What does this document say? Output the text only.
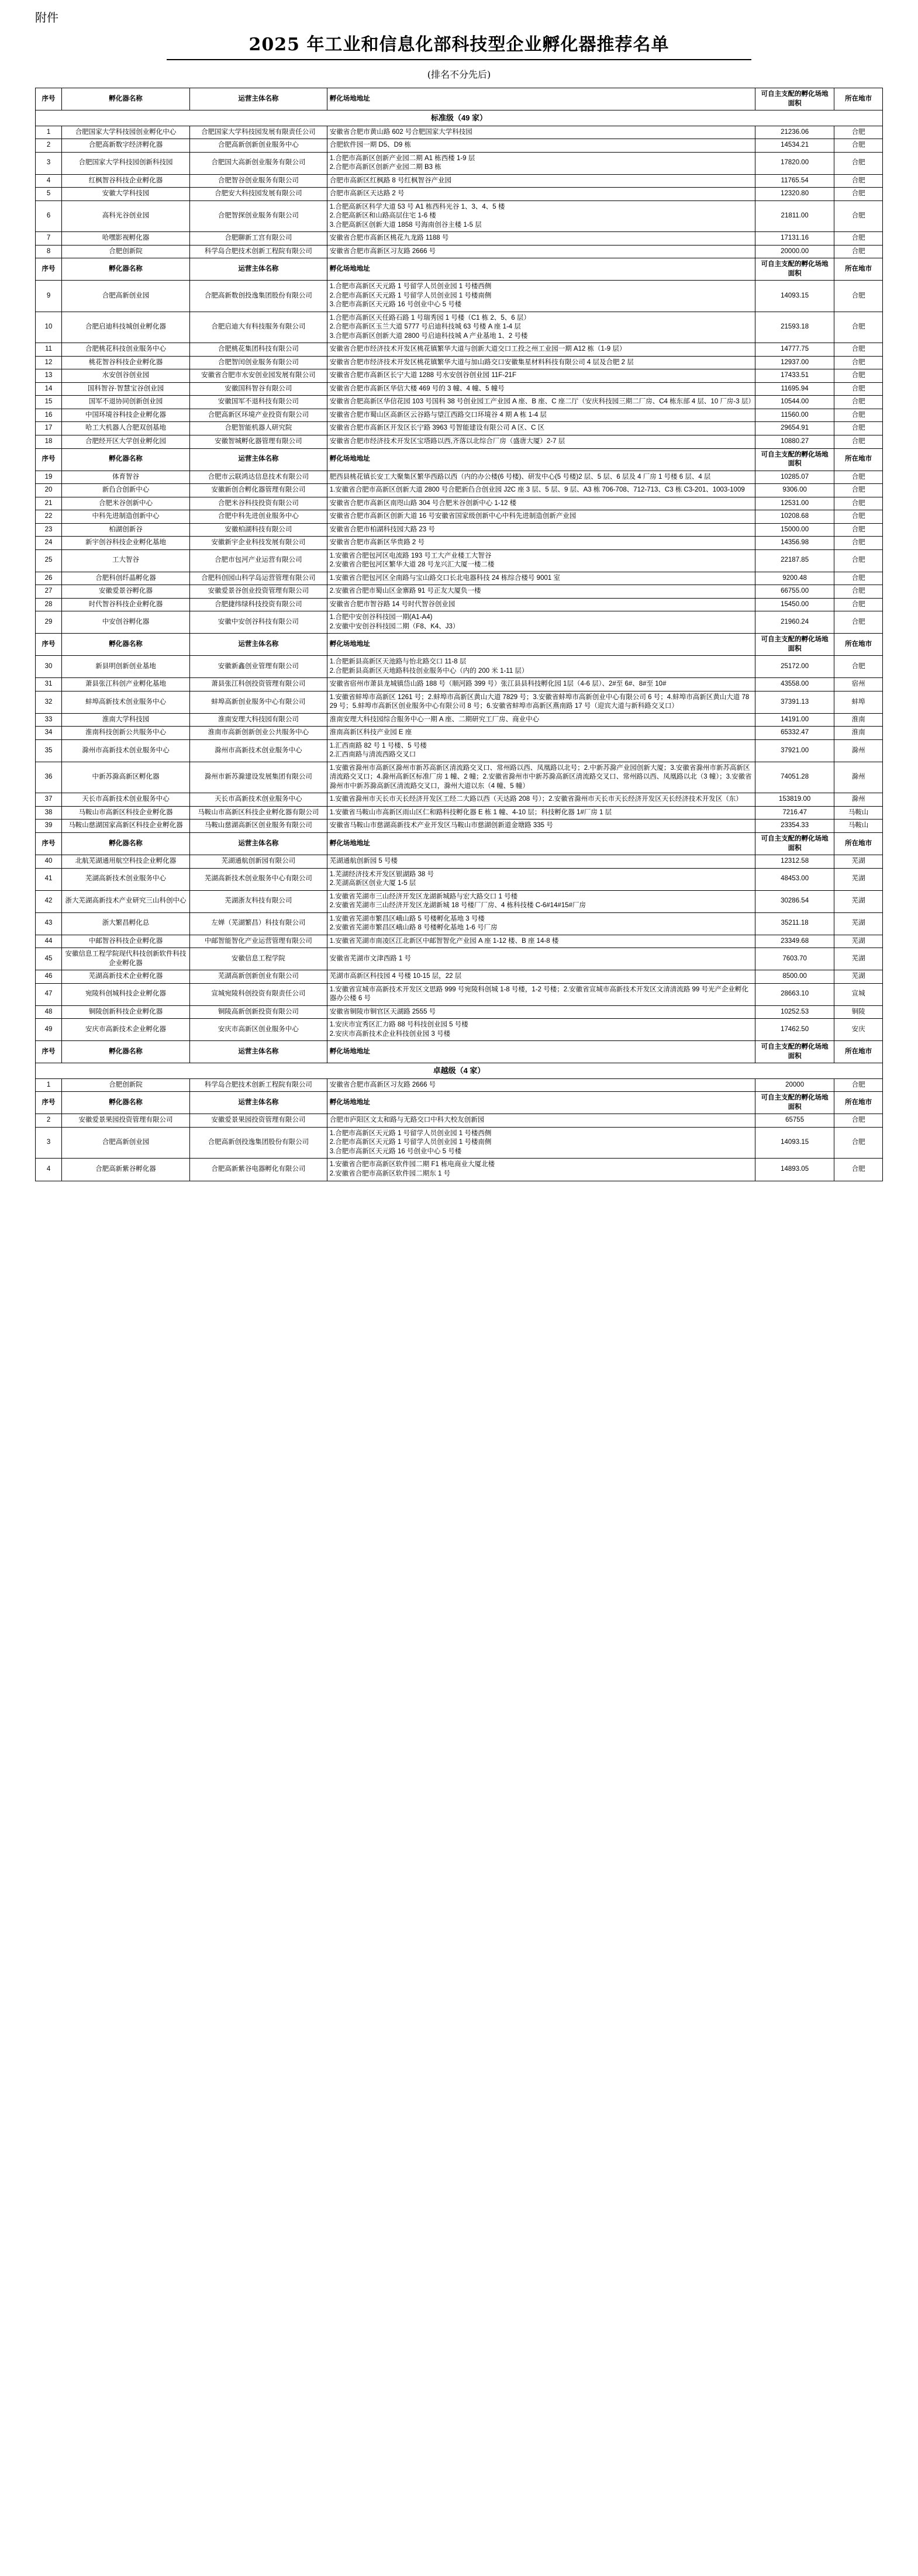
附件
2025 年工业和信息化部科技型企业孵化器推荐名单
(排名不分先后)
序号	孵化器名称	运营主体名称	孵化场地地址	可自主支配的孵化场地面积	所在地市
标准级（49 家）					
1	合肥国家大学科技园创业孵化中心	合肥国家大学科技园发展有限责任公司	安徽省合肥市黄山路 602 号合肥国家大学科技园	21236.06	合肥
2	合肥高新数字经济孵化器	合肥高新创新创业服务中心	合肥软件园一期 D5、D9 栋	14534.21	合肥
3	合肥国家大学科技园创新科技园	合肥国大高新创业服务有限公司	1.合肥市高新区创新产业园二期 A1 栋西楼 1-9 层
2.合肥市高新区创新产业园二期 B3 栋	17820.00	合肥
4	红枫智谷科技企业孵化器	合肥智谷创业服务有限公司	合肥市高新区红枫路 8 号红枫智谷产业园	11765.54	合肥
5	安徽大学科技园	合肥安大科技园发展有限公司	合肥市高新区天达路 2 号	12320.80	合肥
6	高科光谷创业园	合肥智探创业服务有限公司	1.合肥高新区科学大道 53 号 A1 栋西科光谷 1、3、4、5 楼
2.合肥高新区和山路高层住宅 1-6 楼
3.合肥高新区创新大道 1858 号海南创谷主楼 1-5 层	21811.00	合肥
7	哈嘿影视孵化器	合肥聊新工宫有限公司	安徽省合肥市高新区桃花九龙路 1188 号	17131.16	合肥
8	合肥创新院	科学岛合肥技术创新工程院有限公司	安徽省合肥市高新区习友路 2666 号	20000.00	合肥
序号	孵化器名称	运营主体名称	孵化场地地址	可自主支配的孵化场地面积	所在地市
9	合肥高新创业园	合肥高新数创投逸集团股份有限公司	1.合肥市高新区天元路 1 号留学人员创业园 1 号楼西侧
2.合肥市高新区天元路 1 号留学人员创业园 1 号楼南侧
3.合肥市高新区天元路 16 号创业中心 5 号楼	14093.15	合肥
10	合肥启迪科技城创业孵化器	合肥启迪大有科技服务有限公司	1.合肥市高新区天任路石路 1 号瑞秀园 1 号楼（C1 栋 2、5、6 层）
2.合肥市高新区玉兰大道 5777 号启迪科技城 63 号楼 A 座 1-4 层
3.合肥市高新区创新大道 2800 号启迪科技城 A 产业基地 1、2 号楼	21593.18	合肥
11	合肥桃花科技创业服务中心	合肥桃花集团科技有限公司	安徽省合肥市经济技术开发区桃花镇繁华大道与创新大道交口工投之州工业园一期 A12 栋（1-9 层）	14777.75	合肥
12	桃花智谷科技企业孵化器	合肥智闰创业服务有限公司	安徽省合肥市经济技术开发区桃花镇繁华大道与加山路交口安徽集星材料科技有限公司 4 层及合肥 2 层	12937.00	合肥
13	水安创谷创业园	安徽省合肥市水安创业园发展有限公司	安徽省合肥市高新区长宁大道 1288 号水安创谷创业园 11F-21F	17433.51	合肥
14	国科智谷·智慧宝谷创业园	安徽国科智谷有限公司	安徽省合肥市高新区华信大楼 469 号的 3 幢、4 幢、5 幢号	11695.94	合肥
15	国军不退协同创新创业园	安徽国军不退科技有限公司	安徽省合肥高新区华信花园 103 号国科 38 号创业园工产业园 A 座、B 座、C 座二厅（安庆科技园三期二厂房、C4 栋东部 4 层、10 厂房-3 层）	10544.00	合肥
16	中国环境谷科技企业孵化器	合肥高新区环境产业投资有限公司	安徽省合肥市蜀山区高新区云谷路与望江西路交口环境谷 4 期 A 栋 1-4 层	11560.00	合肥
17	哈工大机器人合肥双创基地	合肥智能机器人研究院	安徽省合肥市高新区开发区长宁路 3963 号智能建设有限公司 A 区、C 区	29654.91	合肥
18	合肥经开区大学创业孵化园	安徽智城孵化器管理有限公司	安徽省合肥市经济技术开发区宝塔路以西,齐落以北综合厂房（盛唐大厦）2-7 层	10880.27	合肥
序号	孵化器名称	运营主体名称	孵化场地地址	可自主支配的孵化场地面积	所在地市
19	体育智谷	合肥市云联鸿达信息技术有限公司	肥西县桃花镇长安工大聚集区繁华西路以西（内的办公楼(6 号楼)、研发中心(5 号楼)2 层、5 层、6 层及 4 厂房 1 号楼 6 层、4 层	10285.07	合肥
20	新臽合创新中心	安徽新创合孵化器管理有限公司	1.安徽省合肥市高新区创新大道 2800 号合肥新臽合创业园 J2C 座 3 层、5 层、9 层、A3 栋 706-708、712-713、C3 栋 C3-201、1003-1009	9306.00	合肥
21	合肥米谷创新中心	合肥米谷科技投资有限公司	安徽省合肥市高新区南咫山路 304 号合肥米谷创新中心 1-12 楼	12531.00	合肥
22	中科先进制造创新中心	合肥中科先进创业服务中心	安徽省合肥市高新区创新大道 16 号安徽省国家级创新中心中科先进制造创新产业园	10208.68	合肥
23	柏湖创新谷	安徽柏湖科技有限公司	安徽省合肥市柏湖科技园大路 23 号	15000.00	合肥
24	新宇创谷科技企业孵化基地	安徽新宇企业科技发展有限公司	安徽省合肥市高新区华贵路 2 号	14356.98	合肥
25	工大智谷	合肥市包河产业运营有限公司	1.安徽省合肥包河区电流路 193 号工大产业楼工大智谷
2.安徽省合肥包河区繁华大道 28 号龙兴汇大厦一楼二楼	22187.85	合肥
26	合肥科创纤晶孵化器	合肥科创园山科学岛运营管理有限公司	1.安徽省合肥包河区全南路与宝山路交口长北电器科技 24 栋综合楼号 9001 室	9200.48	合肥
27	安徽爱景谷孵化器	安徽爱景谷创业投资管理有限公司	2.安徽省合肥市蜀山区金寨路 91 号正友大厦负一楼	66755.00	合肥
28	时代智谷科技企业孵化器	合肥捷纬绿科技投资有限公司	安徽省合肥市智谷路 14 号时代智谷创业园	15450.00	合肥
29	中安创谷孵化器	安徽中安创谷科技有限公司	1.合肥中安创谷科技园一期(A1-A4)
2.安徽中安创谷科技园二期（F8、K4、J3）	21960.24	合肥
序号	孵化器名称	运营主体名称	孵化场地地址	可自主支配的孵化场地面积	所在地市
30	新县明创新创业基地	安徽新鑫创业管理有限公司	1.合肥新县高新区天池路与怡北路交口 11-8 层
2.合肥新县高新区天地路科技创业服务中心（内的 200 米 1-11 层）	25172.00	合肥
31	萧县张江科创产业孵化基地	萧县张江科创投资管理有限公司	安徽省宿州市萧县龙城镇岱山路 188 号（顺河路 399 号）张江县县科技孵化园 1层（4-6 层）、2#至 6#、8#至 10#	43558.00	宿州
32	蚌埠高新技术创业服务中心	蚌埠高新创业服务中心有限公司	1.安徽省蚌埠市高新区 1261 号；2.蚌埠市高新区黄山大道 7829 号；3.安徽省蚌埠市高新创业中心有限公司 6 号；4.蚌埠市高新区黄山大道 7829 号；5.蚌埠市高新区创业服务中心有限公司 8 号；6.安徽省蚌埠市高新区燕南路 17 号（迎宾大道与新科路交叉口）	37391.13	蚌埠
33	淮南大学科技园	淮南安理大科技园有限公司	淮南安理大科技园综合服务中心一期 A 座、二期研究工厂房、商业中心	14191.00	淮南
34	淮南科技创新公共服务中心	淮南市高新创新创业公共服务中心	淮南高新区科技产业园 E 座	65332.47	淮南
35	滁州市高新技术创业服务中心	滁州市高新技术创业服务中心	1.汇西南路 82 号 1 号楼、5 号楼
2.汇西南路与清流西路交叉口	37921.00	滁州
36	中新苏滁高新区孵化器	滁州市新苏滁建设发展集团有限公司	1.安徽省滁州市高新区滁州市新苏高新区清流路交叉口、常州路以西、凤凰路以北号；2.中新苏滁产业园创新大厦；3.安徽省滁州市新苏高新区清流路交叉口；4.滁州高新区标准厂房 1 幢、2 幢；2.安徽省滁州市中新苏滁高新区清流路交叉口、常州路以西、凤凰路以北（3 幢）；3.安徽省滁州市中新苏滁高新区清流路交叉口，滁州大道以东（4 幢、5 幢）	74051.28	滁州
37	天长市高新技术创业服务中心	天长市高新技术创业服务中心	1.安徽省滁州市天长市天长经济开发区工经二大路以西（天达路 208 号）；2.安徽省滁州市天长市天长经济开发区天长经济技术开发区（东）	153819.00	滁州
38	马鞍山市高新区科技企业孵化器	马鞍山市高新区科技企业孵化器有限公司	1.安徽省马鞍山市高新区雨山区仁和路科技孵化器 E 栋 1 幢、4-10 层；科技孵化器 1#厂房 1 层	7216.47	马鞍山
39	马鞍山慈湖国家高新区科技企业孵化器	马鞍山慈湖高新区创业服务有限公司	安徽省马鞍山市慈湖高新技术产业开发区马鞍山市慈湖创新道金塘路 335 号	23354.33	马鞍山
序号	孵化器名称	运营主体名称	孵化场地地址	可自主支配的孵化场地面积	所在地市
40	北航芜湖通用航空科技企业孵化器	芜湖通航创新园有限公司	芜湖通航创新园 5 号楼	12312.58	芜湖
41	芜湖高新技术创业服务中心	芜湖高新技术创业服务中心有限公司	1.芜湖经济技术开发区银湖路 38 号
2.芜湖高新区创业大厦 1-5 层	48453.00	芜湖
42	浙大芜湖高新技术产业研究三山科创中心	芜湖浙友科技有限公司	1.安徽省芜湖市三山经济开发区龙湖新城路与宏大路交口 1 号楼
2.安徽省芜湖市三山经济开发区龙湖新城 18 号楼厂厂房、4 栋科技楼 C-6#14#15#厂房	30286.54	芜湖
43	浙大繁昌孵化总	左婵（芜湖繁昌）科技有限公司	1.安徽省芜湖市繁昌区峨山路 5 号楼孵化基地 3 号楼
2.安徽省芜湖市繁昌区峨山路 8 号楼孵化基地 1-6 号厂房	35211.18	芜湖
44	中邮智谷科技企业孵化器	中邮智能智化产业运营管理有限公司	1.安徽省芜湖市南凌区江北新区中邮智智化产业园 A 座 1-12 楼、B 座 14-8 楼	23349.68	芜湖
45	安徽信息工程学院现代科技创新软件科技企业孵化器	安徽信息工程学院	安徽省芜湖市文津西路 1 号	7603.70	芜湖
46	芜湖高新技术企业孵化器	芜湖高新创新创业有限公司	芜湖市高新区科技园 4 号楼 10-15 层，22 层	8500.00	芜湖
47	宛陵科创城科技企业孵化器	宣城宛陵科创投资有限责任公司	1.安徽省宣城市高新技术开发区文思路 999 号宛陵科创城 1-8 号楼，1-2 号楼；2.安徽省宣城市高新技术开发区文清清流路 99 号光产企业孵化器办公楼 6 号	28663.10	宣城
48	铜陵创新科技企业孵化器	铜陵高新创新投资有限公司	安徽省铜陵市铜官区天湖路 2555 号	10252.53	铜陵
49	安庆市高新技术企业孵化器	安庆市高新区创业服务中心	1.安庆市宜秀区汇力路 88 号科技创业园 5 号楼
2.安庆市高新技术企业科技创业园 3 号楼	17462.50	安庆
序号	孵化器名称	运营主体名称	孵化场地地址	可自主支配的孵化场地面积	所在地市
卓越级（4 家）					
1	合肥创新院	科学岛合肥技术创新工程院有限公司	安徽省合肥市高新区习友路 2666 号	20000	合肥
序号	孵化器名称	运营主体名称	孵化场地地址	可自主支配的孵化场地面积	所在地市
2	安徽爱景果园投资管理有限公司	安徽爱景果园投资管理有限公司	合肥市庐阳区文太和路与无路交口中科大校友创新园	65755	合肥
3	合肥高新创业园	合肥高新创投逸集团股份有限公司	1.合肥市高新区天元路 1 号留学人员创业园 1 号楼西侧
2.合肥市高新区天元路 1 号留学人员创业园 1 号楼南侧
3.合肥市高新区天元路 16 号创业中心 5 号楼	14093.15	合肥
4	合肥高新紫谷孵化器	合肥高新紫谷电器孵化有限公司	1.安徽省合肥市高新区软件园二期 F1 栋电商业大厦北楼
2.安徽省合肥市高新区软件园二期东 1 号	14893.05	合肥
